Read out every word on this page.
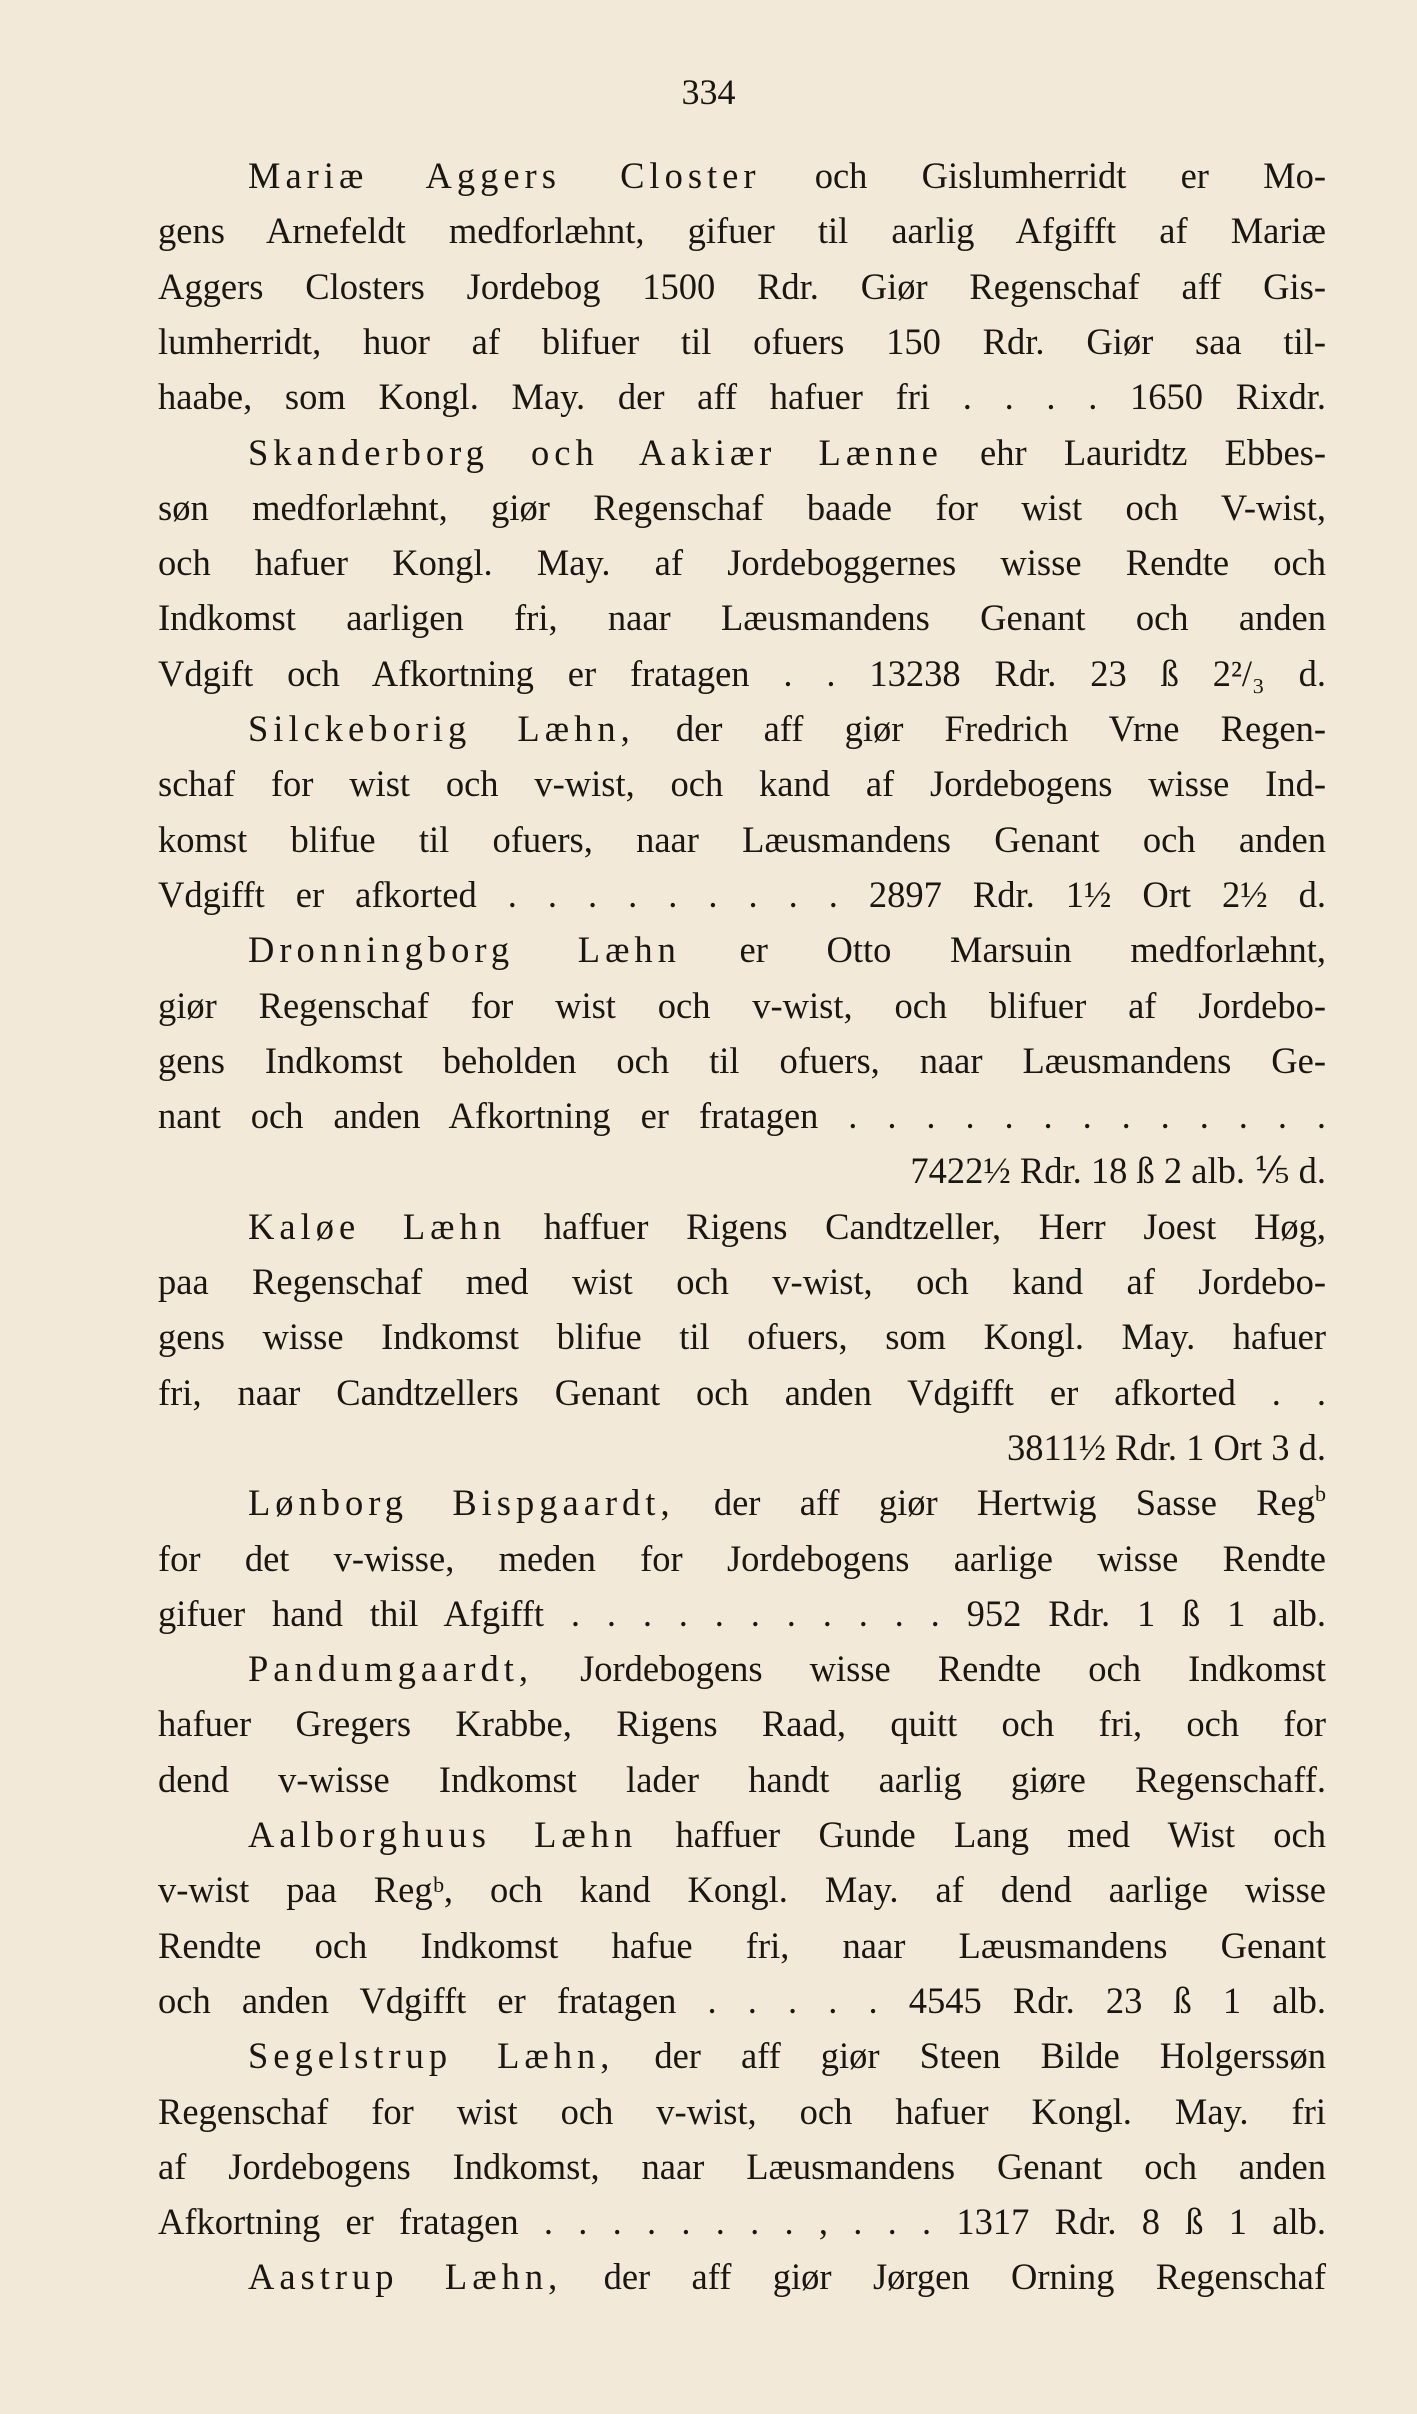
334
Mariæ Aggers Closter och Gislumherridt er Mo-
gens Arnefeldt medforlæhnt, gifuer til aarlig Afgifft af Mariæ
Aggers Closters Jordebog 1500 Rdr. Giør Regenschaf aff Gis-
lumherridt, huor af blifuer til ofuers 150 Rdr. Giør saa til-
haabe, som Kongl. May. der aff hafuer fri . . . . 1650 Rixdr.
Skanderborg och Aakiær Lænne ehr Lauridtz Ebbes-
søn medforlæhnt, giør Regenschaf baade for wist och V-wist,
och hafuer Kongl. May. af Jordeboggernes wisse Rendte och
Indkomst aarligen fri, naar Læusmandens Genant och anden
Vdgift och Afkortning er fratagen . . 13238 Rdr. 23 ß 2²/₃ d.
Silckeborig Læhn, der aff giør Fredrich Vrne Regen-
schaf for wist och v-wist, och kand af Jordebogens wisse Ind-
komst blifue til ofuers, naar Læusmandens Genant och anden
Vdgifft er afkorted . . . . . . . . . 2897 Rdr. 1½ Ort 2½ d.
Dronningborg Læhn er Otto Marsuin medforlæhnt,
giør Regenschaf for wist och v-wist, och blifuer af Jordebo-
gens Indkomst beholden och til ofuers, naar Læusmandens Ge-
nant och anden Afkortning er fratagen . . . . . . . . . . . . .
7422½ Rdr. 18 ß 2 alb. ⅕ d.
Kaløe Læhn haffuer Rigens Candtzeller, Herr Joest Høg,
paa Regenschaf med wist och v-wist, och kand af Jordebo-
gens wisse Indkomst blifue til ofuers, som Kongl. May. hafuer
fri, naar Candtzellers Genant och anden Vdgifft er afkorted . .
3811½ Rdr. 1 Ort 3 d.
Lønborg Bispgaardt, der aff giør Hertwig Sasse Reg$^b$
for det v-wisse, meden for Jordebogens aarlige wisse Rendte
gifuer hand thil Afgifft . . . . . . . . . . . 952 Rdr. 1 ß 1 alb.
Pandumgaardt, Jordebogens wisse Rendte och Indkomst
hafuer Gregers Krabbe, Rigens Raad, quitt och fri, och for
dend v-wisse Indkomst lader handt aarlig giøre Regenschaff.
Aalborghuus Læhn haffuer Gunde Lang med Wist och
v-wist paa Regᵇ, och kand Kongl. May. af dend aarlige wisse
Rendte och Indkomst hafue fri, naar Læusmandens Genant
och anden Vdgifft er fratagen . . . . . 4545 Rdr. 23 ß 1 alb.
Segelstrup Læhn, der aff giør Steen Bilde Holgerssøn
Regenschaf for wist och v-wist, och hafuer Kongl. May. fri
af Jordebogens Indkomst, naar Læusmandens Genant och anden
Afkortning er fratagen . . . . . . . . , . . . 1317 Rdr. 8 ß 1 alb.
Aastrup Læhn, der aff giør Jørgen Orning Regenschaf
